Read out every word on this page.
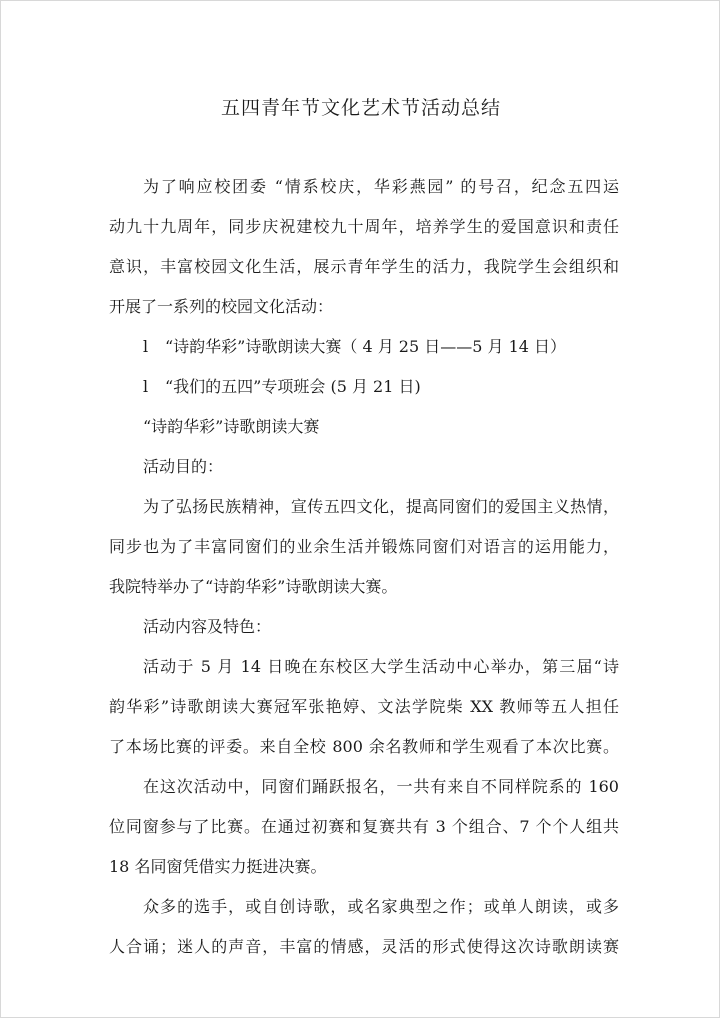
五四青年节文化艺术节活动总结
为了响应校团委 “情系校庆，华彩燕园” 的号召，纪念五四运
动九十九周年，同步庆祝建校九十周年，培养学生的爱国意识和责任
意识，丰富校园文化生活，展示青年学生的活力，我院学生会组织和
开展了一系列的校园文化活动：
l “诗韵华彩”诗歌朗读大赛（ 4 月 25 日——5 月 14 日）
l “我们的五四”专项班会 (5 月 21 日)
“诗韵华彩”诗歌朗读大赛
活动目的：
为了弘扬民族精神，宣传五四文化，提高同窗们的爱国主义热情，
同步也为了丰富同窗们的业余生活并锻炼同窗们对语言的运用能力，
我院特举办了“诗韵华彩”诗歌朗读大赛。
活动内容及特色：
活动于 5 月 14 日晚在东校区大学生活动中心举办，第三届“诗
韵华彩”诗歌朗读大赛冠军张艳婷、文法学院柴 XX 教师等五人担任
了本场比赛的评委。来自全校 800 余名教师和学生观看了本次比赛。
在这次活动中，同窗们踊跃报名，一共有来自不同样院系的 160
位同窗参与了比赛。在通过初赛和复赛共有 3 个组合、7 个个人组共
18 名同窗凭借实力挺进决赛。
众多的选手，或自创诗歌，或名家典型之作；或单人朗读，或多
人合诵；迷人的声音，丰富的情感，灵活的形式使得这次诗歌朗读赛
